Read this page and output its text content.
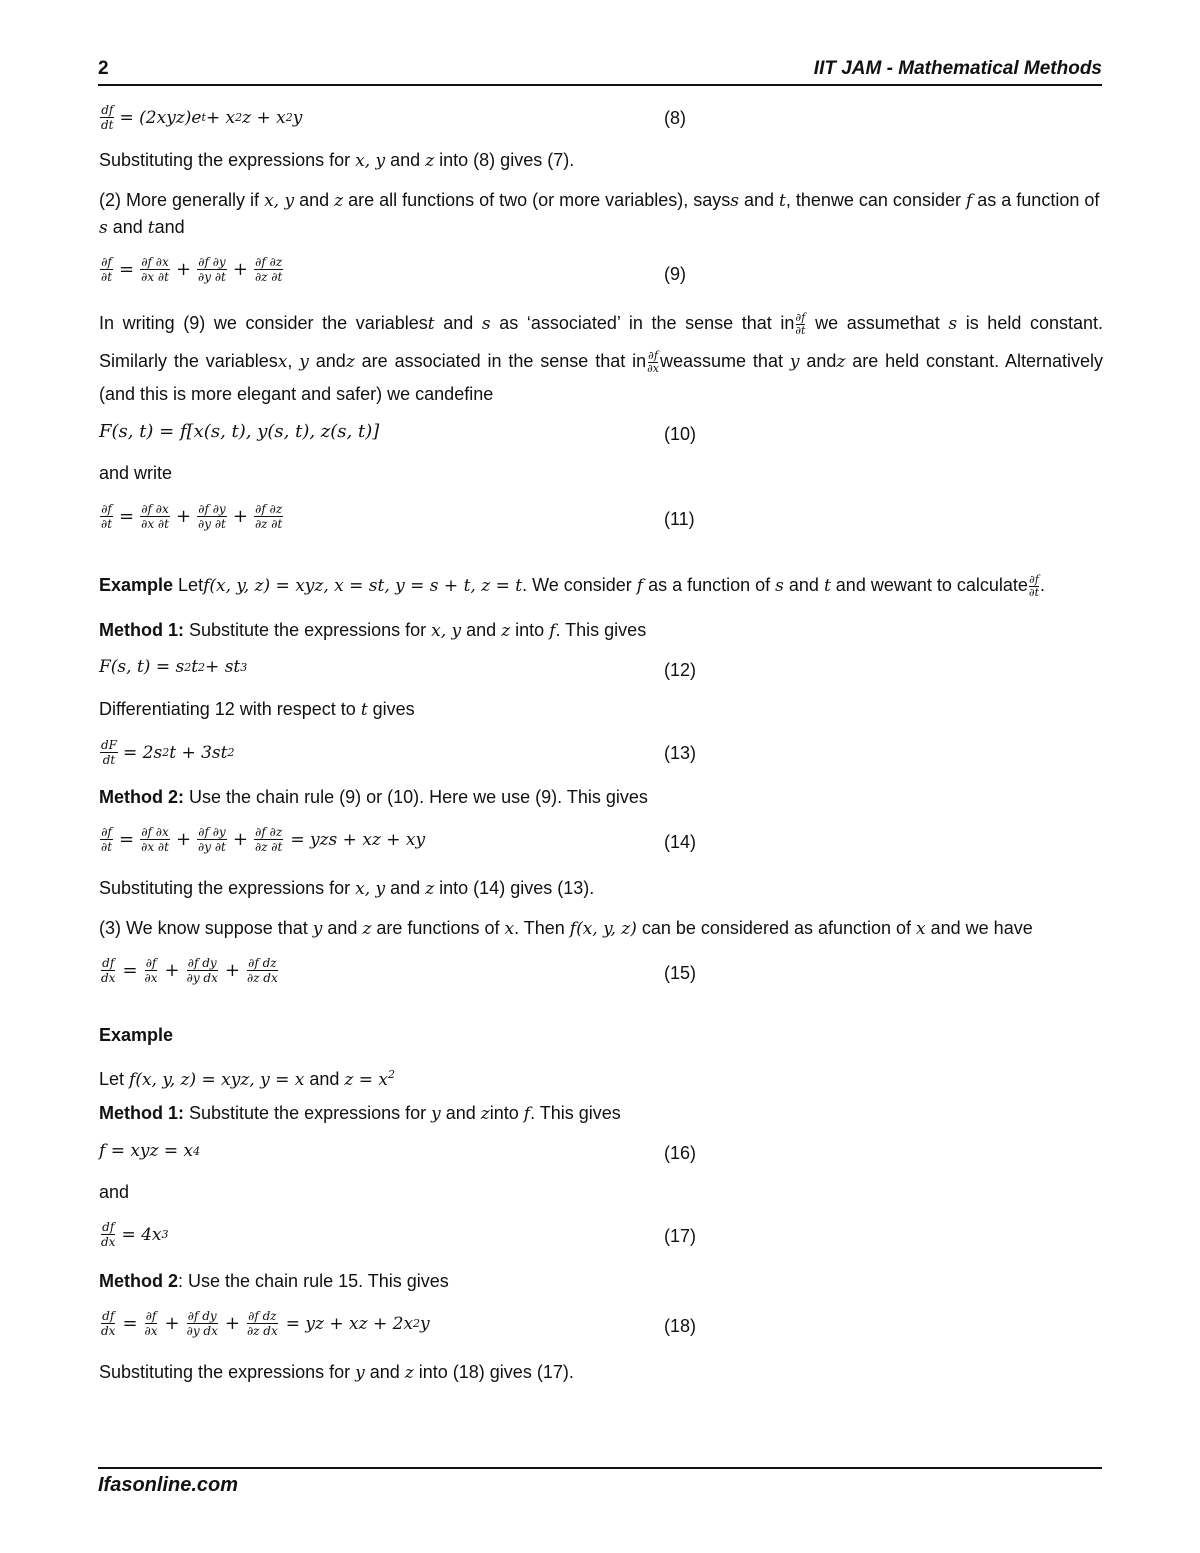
2	IIT JAM - Mathematical Methods
$\frac{df}{dt} = (2xyz)e$ t + x 2 z + x 2 y	(8)
Substituting the expressions for x, y and z into (8) gives (7).
(2) More generally if x, y and z are all functions of two (or more variables), sayss and t, thenwe can consider f as a function of
s and tand
$\frac{\partial f}{\partial t} = \frac{\partial f \partial x}{\partial x \partial t} + \frac{\partial f \partial y}{\partial y \partial t} + \frac{\partial f \partial z}{\partial z \partial t}$	(9)
In writing (9) we consider the variablest and s as ‘associated’ in the sense that in $\frac{\partial f}{\partial t}$ we assumethat s is held constant.
Similarly the variablesx, y andz are associated in the sense that in $\frac{\partial f}{\partial x}$ weassume that y andz are held constant. Alternatively
(and this is more elegant and safer) we candefine
F(s, t) = f[x(s, t), y(s, t), z(s, t)]	(10)
and write
$\frac{\partial f}{\partial t} = \frac{\partial f \partial x}{\partial x \partial t} + \frac{\partial f \partial y}{\partial y \partial t} + \frac{\partial f \partial z}{\partial z \partial t}$	(11)
Example Letf(x, y, z) = xyz, x = st, y = s + t, z = t. We consider f as a function of s and t and wewant to calculate $\frac{\partial f}{\partial t}$ .
Method 1: Substitute the expressions for x, y and z into f. This gives
F(s, t) = s 2 t 2 + st 3	(12)
Differentiating 12 with respect to t gives
$\frac{dF}{dt} = 2s$ 2 t + 3st 2	(13)
Method 2: Use the chain rule (9) or (10). Here we use (9). This gives
$\frac{\partial f}{\partial t} = \frac{\partial f \partial x}{\partial x \partial t} + \frac{\partial f \partial y}{\partial y \partial t} + \frac{\partial f \partial z}{\partial z \partial t}$ = yzs + xz + xy	(14)
Substituting the expressions for x, y and z into (14) gives (13).
(3) We know suppose that y and z are functions of x. Then f(x, y, z) can be considered as afunction of x and we have
$\frac{df}{dx} = \frac{\partial f}{\partial x} + \frac{\text{∂f dy}}{\text{∂y dx}} + \frac{\text{∂f dz}}{\text{∂z dx}}$	(15)
Example
Let f(x, y, z) = xyz, y = x and $z = x^2$
Method 1: Substitute the expressions for y and zinto f. This gives
f = xyz = x 4	(16)
and
$\frac{df}{dx} = 4x$ 3	(17)
Method 2: Use the chain rule 15. This gives
$\frac{df}{dx} = \frac{\partial f}{\partial x} + \frac{\text{∂f dy}}{\text{∂y dx}} + \frac{\text{∂f dz}}{\text{∂z dx}}$ = yz + xz + 2x 2 y	(18)
Substituting the expressions for y and z into (18) gives (17).
Ifasonline.com
